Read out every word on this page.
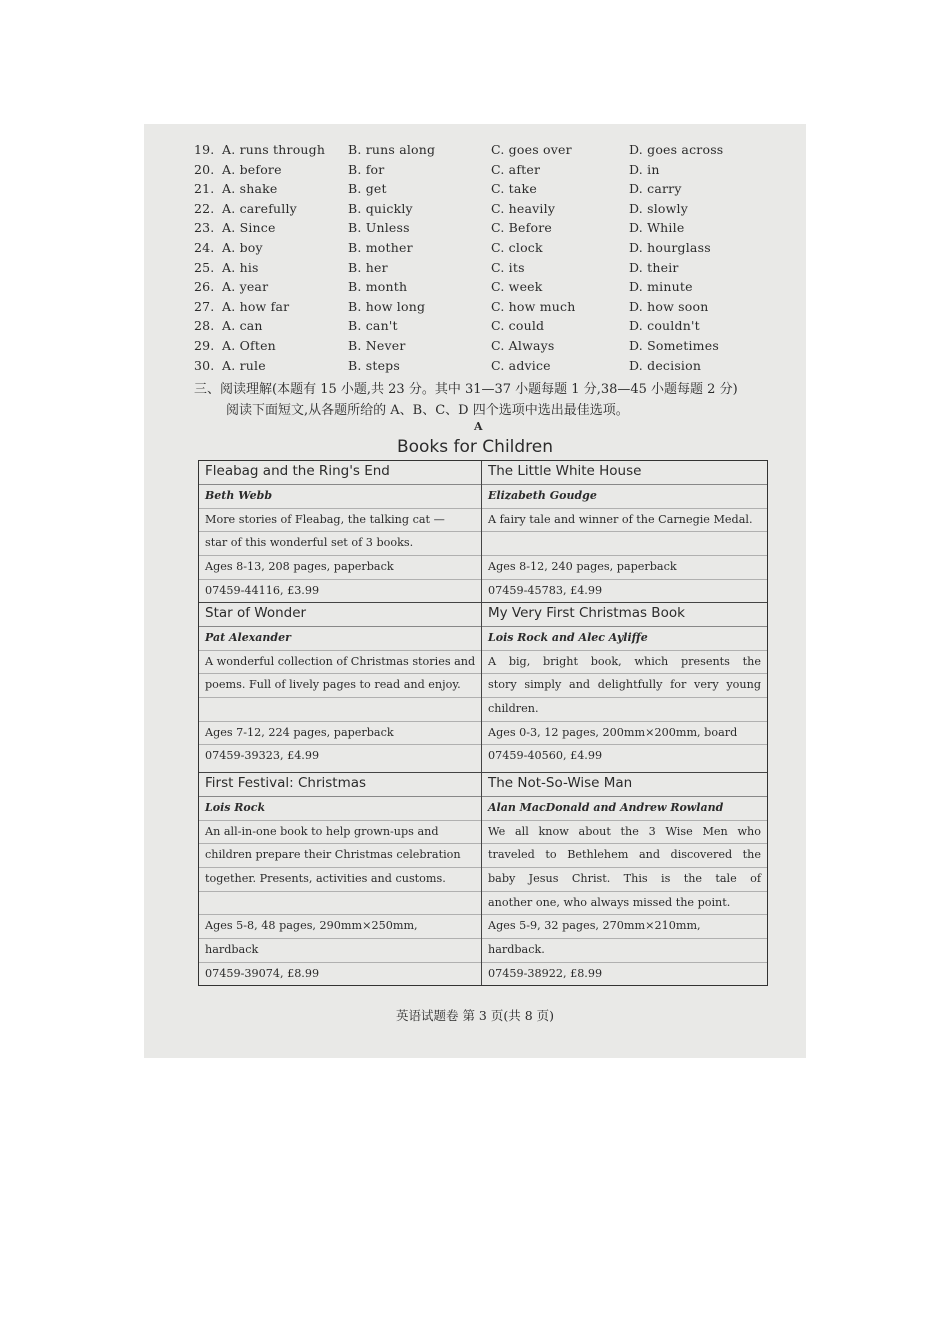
19. A. runs through	B. runs along	C. goes over	D. goes across
20. A. before	B. for	C. after	D. in
21. A. shake	B. get	C. take	D. carry
22. A. carefully	B. quickly	C. heavily	D. slowly
23. A. Since	B. Unless	C. Before	D. While
24. A. boy	B. mother	C. clock	D. hourglass
25. A. his	B. her	C. its	D. their
26. A. year	B. month	C. week	D. minute
27. A. how far	B. how long	C. how much	D. how soon
28. A. can	B. can't	C. could	D. couldn't
29. A. Often	B. Never	C. Always	D. Sometimes
30. A. rule	B. steps	C. advice	D. decision
三、阅读理解(本题有 15 小题,共 23 分。其中 31—37 小题每题 1 分,38—45 小题每题 2 分)
阅读下面短文,从各题所给的 A、B、C、D 四个选项中选出最佳选项。
A
Books for Children
Fleabag and the Ring's End
Beth Webb
More stories of Fleabag, the talking cat —
star of this wonderful set of 3 books.
Ages 8-13, 208 pages, paperback
07459-44116, £3.99
The Little White House
Elizabeth Goudge
A fairy tale and winner of the Carnegie Medal.
Ages 8-12, 240 pages, paperback
07459-45783, £4.99
Star of Wonder
Pat Alexander
A wonderful collection of Christmas stories and
poems. Full of lively pages to read and enjoy.
Ages 7-12, 224 pages, paperback
07459-39323, £4.99
My Very First Christmas Book
Lois Rock and Alec Ayliffe
A big, bright book, which presents the
story simply and delightfully for very young
children.
Ages 0-3, 12 pages, 200mm×200mm, board
07459-40560, £4.99
First Festival: Christmas
Lois Rock
An all-in-one book to help grown-ups and
children prepare their Christmas celebration
together. Presents, activities and customs.
Ages 5-8, 48 pages, 290mm×250mm,
hardback
07459-39074, £8.99
The Not-So-Wise Man
Alan MacDonald and Andrew Rowland
We all know about the 3 Wise Men who
traveled to Bethlehem and discovered the
baby Jesus Christ. This is the tale of
another one, who always missed the point.
Ages 5-9, 32 pages, 270mm×210mm,
hardback.
07459-38922, £8.99
英语试题卷 第 3 页(共 8 页)
